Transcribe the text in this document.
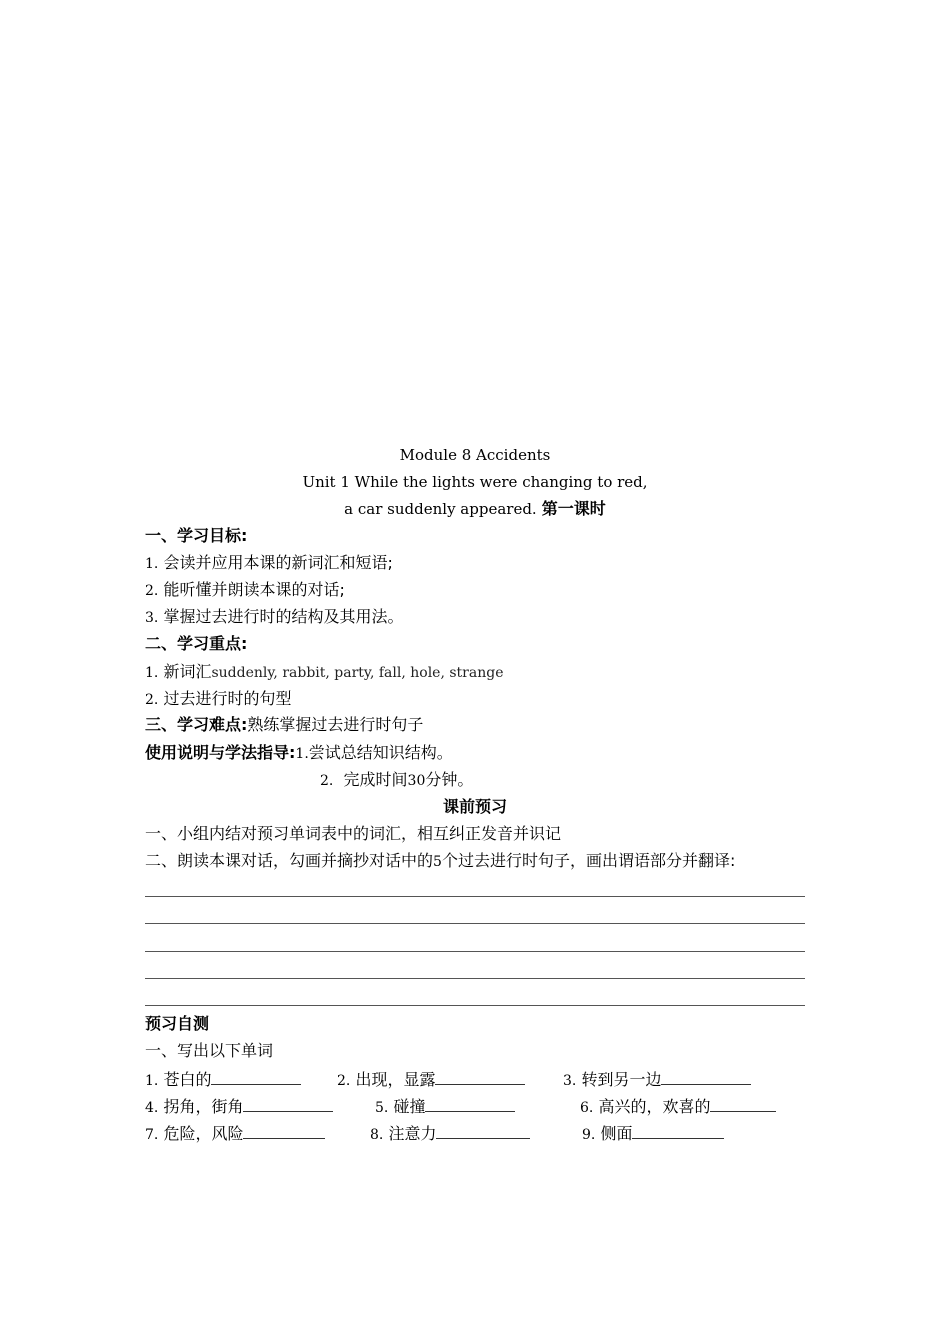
Module 8 Accidents
Unit 1 While the lights were changing to red,
a car suddenly appeared. 第一课时
一、学习目标:
1. 会读并应用本课的新词汇和短语;
2. 能听懂并朗读本课的对话;
3. 掌握过去进行时的结构及其用法。
二、学习重点:
1. 新词汇suddenly, rabbit, party, fall, hole, strange
2. 过去进行时的句型
三、学习难点:熟练掌握过去进行时句子
使用说明与学法指导:1.尝试总结知识结构。
2. 完成时间30分钟。
课前预习
一、小组内结对预习单词表中的词汇，相互纠正发音并识记
二、朗读本课对话，勾画并摘抄对话中的5个过去进行时句子，画出谓语部分并翻译:
预习自测
一、写出以下单词
1. 苍白的	2. 出现，显露	3. 转到另一边
4. 拐角，街角	5. 碰撞	6. 高兴的，欢喜的
7. 危险，风险	8. 注意力	9. 侧面
